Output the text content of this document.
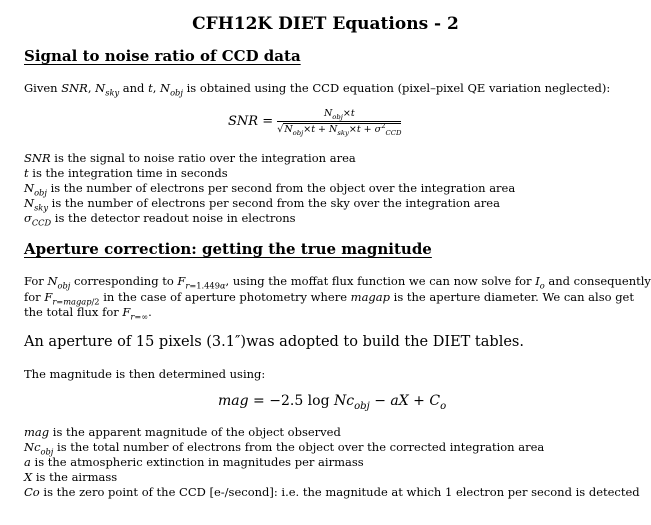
CFH12K DIET Equations - 2
Signal to noise ratio of CCD data
Given SNR, $N_{sky}$ and t, $N_{obj}$ is obtained using the CCD equation (pixel–pixel QE variation neglected):
SNR = $\frac{N_{obj}\times t}{√N_{obj}\times t + N_{sky}\times t + \sigma^2_{CCD}}$
SNR is the signal to noise ratio over the integration area
t is the integration time in seconds
$N_{obj}$ is the number of electrons per second from the object over the integration area
$N_{sky}$ is the number of electrons per second from the sky over the integration area
$\sigma_{CCD}$ is the detector readout noise in electrons
Aperture correction: getting the true magnitude
For $N_{obj}$ corresponding to $F_{r=1.449\alpha}$, using the moffat flux function we can now solve for $I_o$ and consequently
for $F_{r=magap/2}$ in the case of aperture photometry where magap is the aperture diameter. We can also get
the total flux for $F_{r=\infty}$.
An aperture of 15 pixels (3.1″)was adopted to build the DIET tables.
The magnitude is then determined using:
mag = −2.5 $\log Nc_{obj}$ − aX + $C_o$
mag is the apparent magnitude of the object observed
$Nc_{obj}$ is the total number of electrons from the object over the corrected integration area
a is the atmospheric extinction in magnitudes per airmass
X is the airmass
Co is the zero point of the CCD [e-/second]: i.e. the magnitude at which 1 electron per second is detected
